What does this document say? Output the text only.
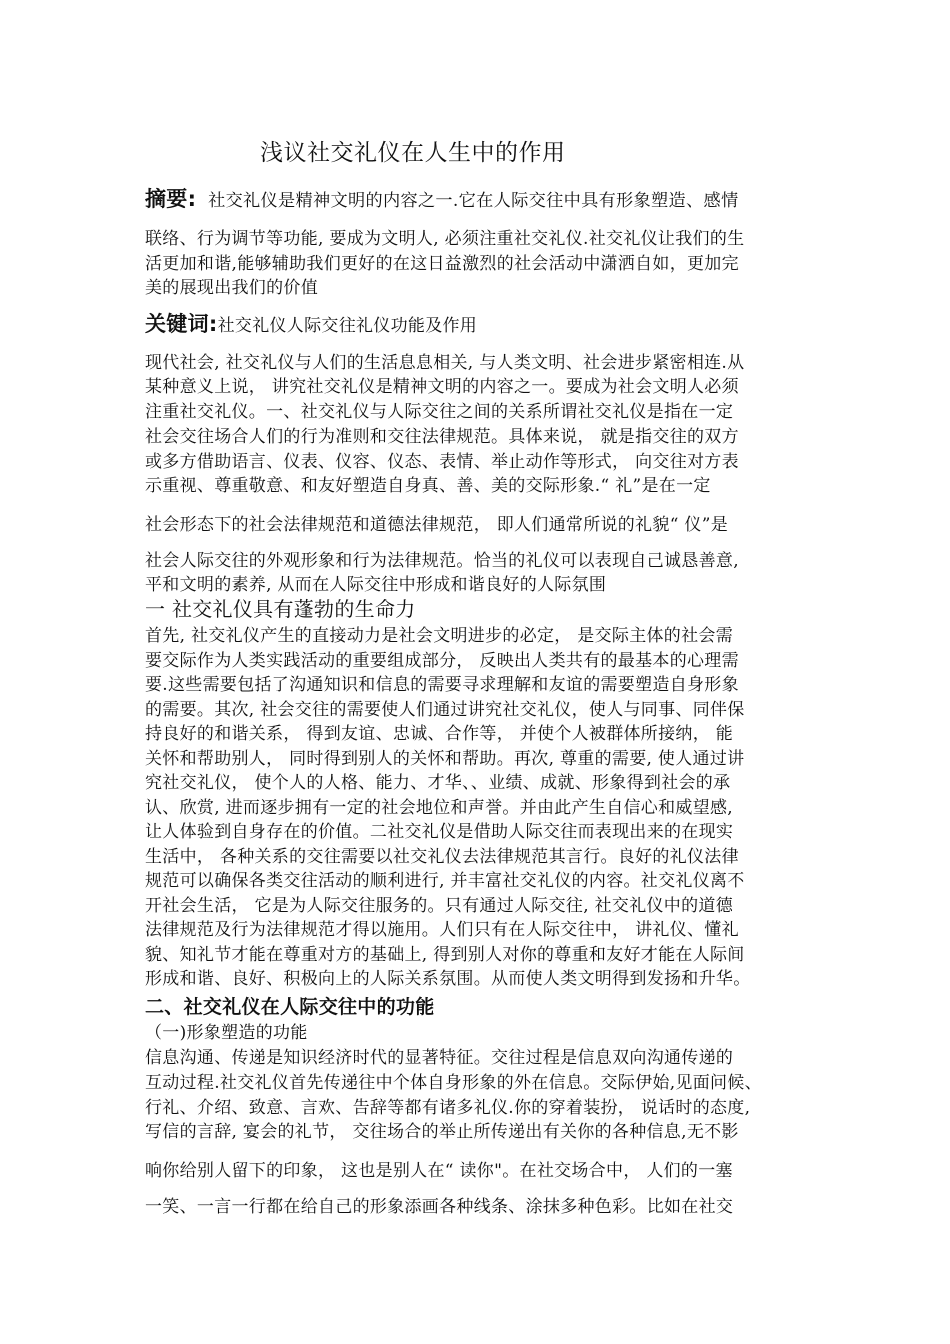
浅议社交礼仪在人生中的作用
摘要: 社交礼仪是精神文明的内容之一.它在人际交往中具有形象塑造、感情
联络、行为调节等功能, 要成为文明人, 必须注重社交礼仪.社交礼仪让我们的生
活更加和谐,能够辅助我们更好的在这日益激烈的社会活动中潇洒自如，更加完
美的展现出我们的价值
关键词:社交礼仪人际交往礼仪功能及作用
现代社会, 社交礼仪与人们的生活息息相关, 与人类文明、社会进步紧密相连.从
某种意义上说， 讲究社交礼仪是精神文明的内容之一。要成为社会文明人必须
注重社交礼仪。一、社交礼仪与人际交往之间的关系所谓社交礼仪是指在一定
社会交往场合人们的行为准则和交往法律规范。具体来说， 就是指交往的双方
或多方借助语言、仪表、仪容、仪态、表情、举止动作等形式， 向交往对方表
示重视、尊重敬意、和友好塑造自身真、善、美的交际形象.“ 礼”是在一定
社会形态下的社会法律规范和道德法律规范， 即人们通常所说的礼貌“ 仪”是
社会人际交往的外观形象和行为法律规范。恰当的礼仪可以表现自己诚恳善意,
平和文明的素养, 从而在人际交往中形成和谐良好的人际氛围
一 社交礼仪具有蓬勃的生命力
首先, 社交礼仪产生的直接动力是社会文明进步的必定， 是交际主体的社会需
要交际作为人类实践活动的重要组成部分， 反映出人类共有的最基本的心理需
要.这些需要包括了沟通知识和信息的需要寻求理解和友谊的需要塑造自身形象
的需要。其次, 社会交往的需要使人们通过讲究社交礼仪，使人与同事、同伴保
持良好的和谐关系， 得到友谊、忠诚、合作等， 并使个人被群体所接纳， 能
关怀和帮助别人， 同时得到别人的关怀和帮助。再次, 尊重的需要, 使人通过讲
究社交礼仪， 使个人的人格、能力、才华、、业绩、成就、形象得到社会的承
认、欣赏, 进而逐步拥有一定的社会地位和声誉。并由此产生自信心和威望感,
让人体验到自身存在的价值。二社交礼仪是借助人际交往而表现出来的在现实
生活中， 各种关系的交往需要以社交礼仪去法律规范其言行。良好的礼仪法律
规范可以确保各类交往活动的顺利进行, 并丰富社交礼仪的内容。社交礼仪离不
开社会生活， 它是为人际交往服务的。只有通过人际交往, 社交礼仪中的道德
法律规范及行为法律规范才得以施用。人们只有在人际交往中， 讲礼仪、懂礼
貌、知礼节才能在尊重对方的基础上, 得到别人对你的尊重和友好才能在人际间
形成和谐、良好、积极向上的人际关系氛围。从而使人类文明得到发扬和升华。
二、社交礼仪在人际交往中的功能
（一)形象塑造的功能
信息沟通、传递是知识经济时代的显著特征。交往过程是信息双向沟通传递的
互动过程.社交礼仪首先传递往中个体自身形象的外在信息。交际伊始,见面问候、
行礼、介绍、致意、言欢、告辞等都有诸多礼仪.你的穿着装扮， 说话时的态度,
写信的言辞, 宴会的礼节， 交往场合的举止所传递出有关你的各种信息,无不影
响你给别人留下的印象， 这也是别人在“ 读你"。在社交场合中， 人们的一塞
一笑、一言一行都在给自己的形象添画各种线条、涂抹多种色彩。比如在社交
